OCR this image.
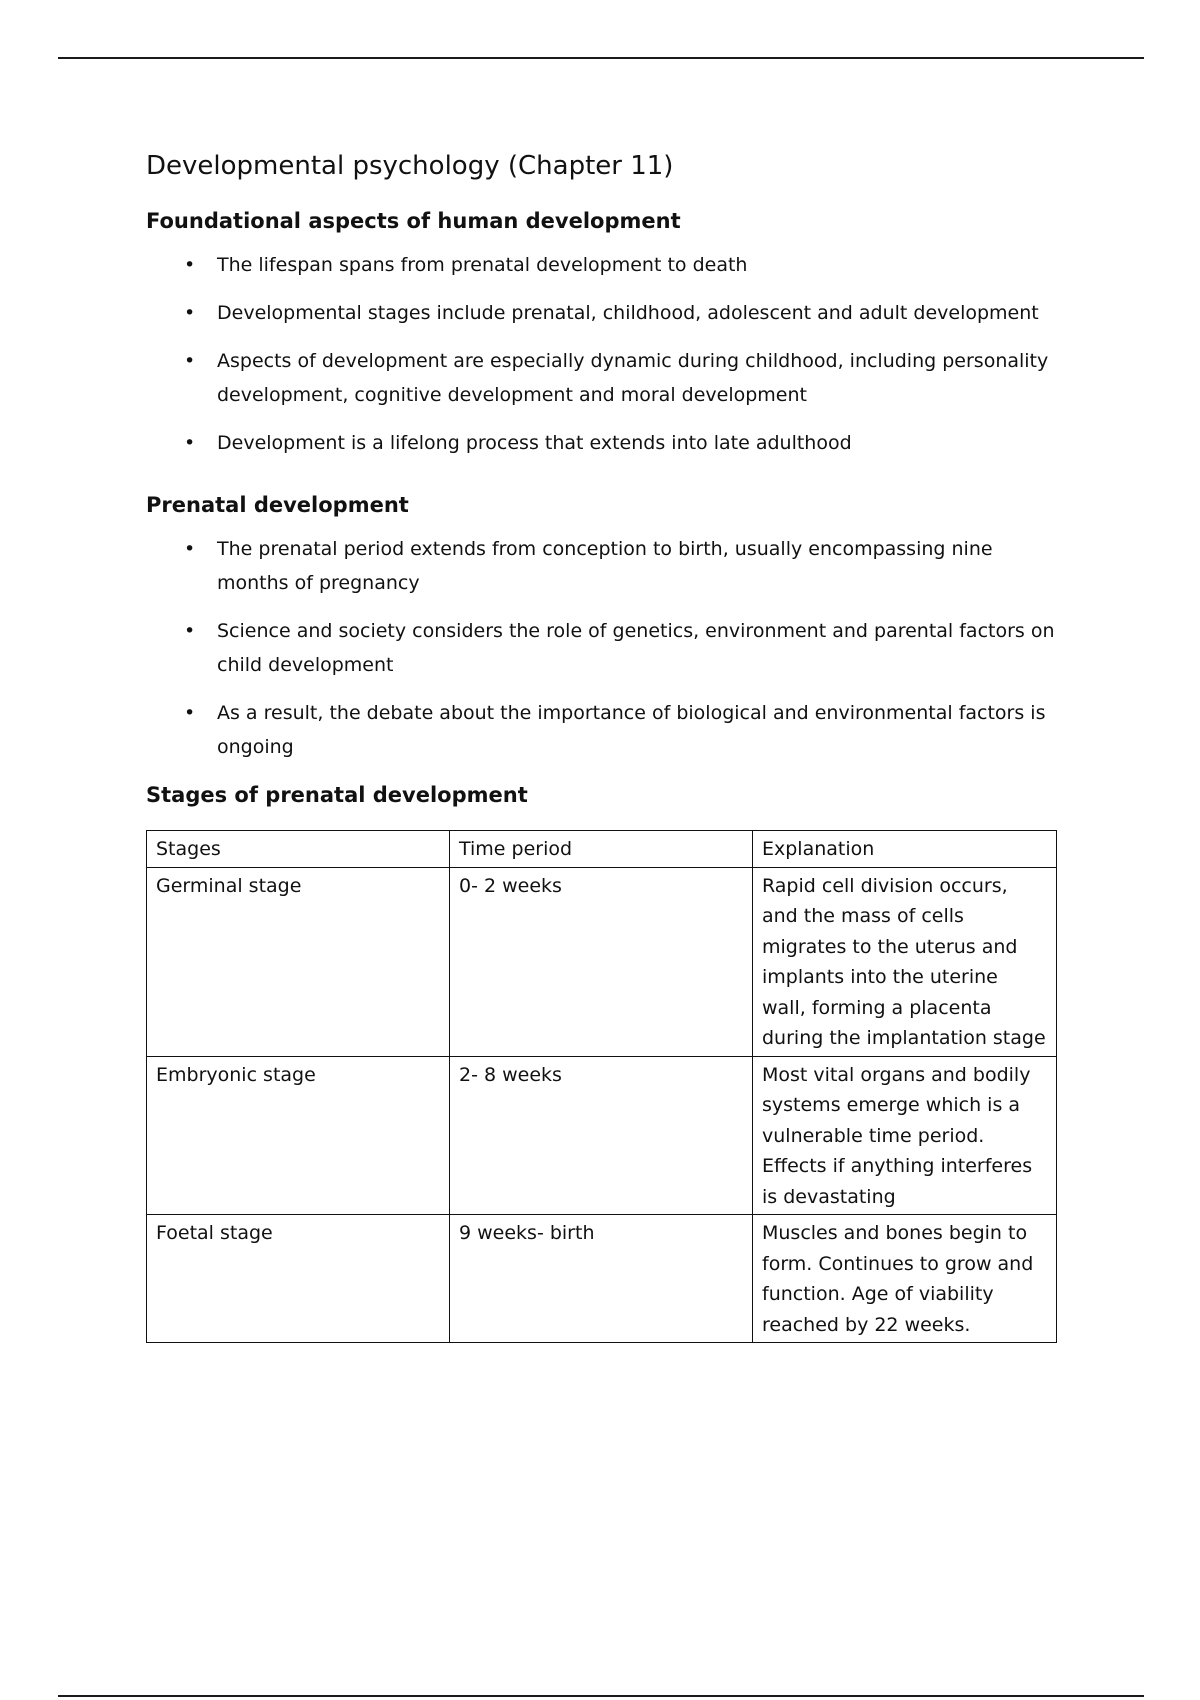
Developmental psychology (Chapter 11)
Foundational aspects of human development
• The lifespan spans from prenatal development to death
• Developmental stages include prenatal, childhood, adolescent and adult development
• Aspects of development are especially dynamic during childhood, including personality development, cognitive development and moral development
• Development is a lifelong process that extends into late adulthood
Prenatal development
• The prenatal period extends from conception to birth, usually encompassing nine months of pregnancy
• Science and society considers the role of genetics, environment and parental factors on child development
• As a result, the debate about the importance of biological and environmental factors is ongoing
Stages of prenatal development
Stages	Time period	Explanation
Germinal stage	0- 2 weeks	Rapid cell division occurs, and the mass of cells migrates to the uterus and implants into the uterine wall, forming a placenta during the implantation stage
Embryonic stage	2- 8 weeks	Most vital organs and bodily systems emerge which is a vulnerable time period. Effects if anything interferes is devastating
Foetal stage	9 weeks- birth	Muscles and bones begin to form. Continues to grow and function. Age of viability reached by 22 weeks.
